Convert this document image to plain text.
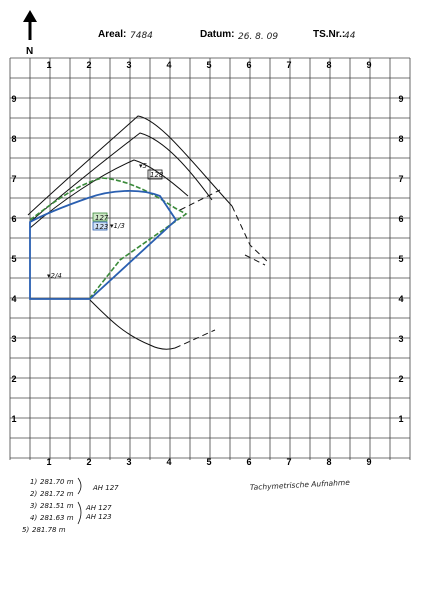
N
Areal: 7484	Datum: 26. 8. 09	TS.Nr.:
44
1	2	3	4	5	6	7	8	9
1	2	3	4	5	6	7	8	9
9
8
7
6
5
4
3
2
1
9
8
7
6
5
4
3
2
1
▾5
128
127
123 ▾1/3
▾2/4
Tachymetrische Aufnahme
1) 281.70 m
2) 281.72 m
3) 281.51 m
4) 281.63 m
5) 281.78 m
AH 127
AH 127
AH 123
